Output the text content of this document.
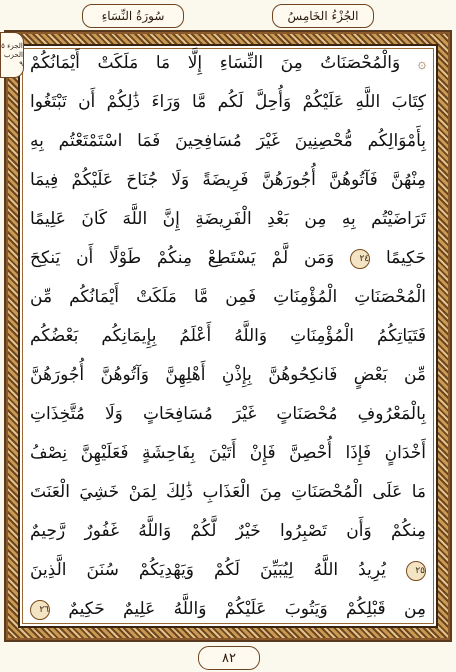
سُورَةُ النِّسَاءِ	الجُزْءُ الخَامِسُ
الجزء ٥
الحزب ٩	۞ وَالْمُحْصَنَاتُ مِنَ النِّسَاءِ إِلَّا مَا مَلَكَتْ أَيْمَانُكُمْ
كِتَابَ اللَّهِ عَلَيْكُمْ وَأُحِلَّ لَكُم مَّا وَرَاءَ ذَٰلِكُمْ أَن تَبْتَغُوا
بِأَمْوَالِكُم مُّحْصِنِينَ غَيْرَ مُسَافِحِينَ فَمَا اسْتَمْتَعْتُم بِهِ
مِنْهُنَّ فَآتُوهُنَّ أُجُورَهُنَّ فَرِيضَةً وَلَا جُنَاحَ عَلَيْكُمْ فِيمَا
تَرَاضَيْتُم بِهِ مِن بَعْدِ الْفَرِيضَةِ إِنَّ اللَّهَ كَانَ عَلِيمًا
حَكِيمًا ٢٤ وَمَن لَّمْ يَسْتَطِعْ مِنكُمْ طَوْلًا أَن يَنكِحَ
الْمُحْصَنَاتِ الْمُؤْمِنَاتِ فَمِن مَّا مَلَكَتْ أَيْمَانُكُم مِّن
فَتَيَاتِكُمُ الْمُؤْمِنَاتِ وَاللَّهُ أَعْلَمُ بِإِيمَانِكُم بَعْضُكُم
مِّن بَعْضٍ فَانكِحُوهُنَّ بِإِذْنِ أَهْلِهِنَّ وَآتُوهُنَّ أُجُورَهُنَّ
بِالْمَعْرُوفِ مُحْصَنَاتٍ غَيْرَ مُسَافِحَاتٍ وَلَا مُتَّخِذَاتِ
أَخْدَانٍ فَإِذَا أُحْصِنَّ فَإِنْ أَتَيْنَ بِفَاحِشَةٍ فَعَلَيْهِنَّ نِصْفُ
مَا عَلَى الْمُحْصَنَاتِ مِنَ الْعَذَابِ ذَٰلِكَ لِمَنْ خَشِيَ الْعَنَتَ
مِنكُمْ وَأَن تَصْبِرُوا خَيْرٌ لَّكُمْ وَاللَّهُ غَفُورٌ رَّحِيمٌ
٢٥ يُرِيدُ اللَّهُ لِيُبَيِّنَ لَكُمْ وَيَهْدِيَكُمْ سُنَنَ الَّذِينَ
مِن قَبْلِكُمْ وَيَتُوبَ عَلَيْكُمْ وَاللَّهُ عَلِيمٌ حَكِيمٌ ٢٦
٨٢
